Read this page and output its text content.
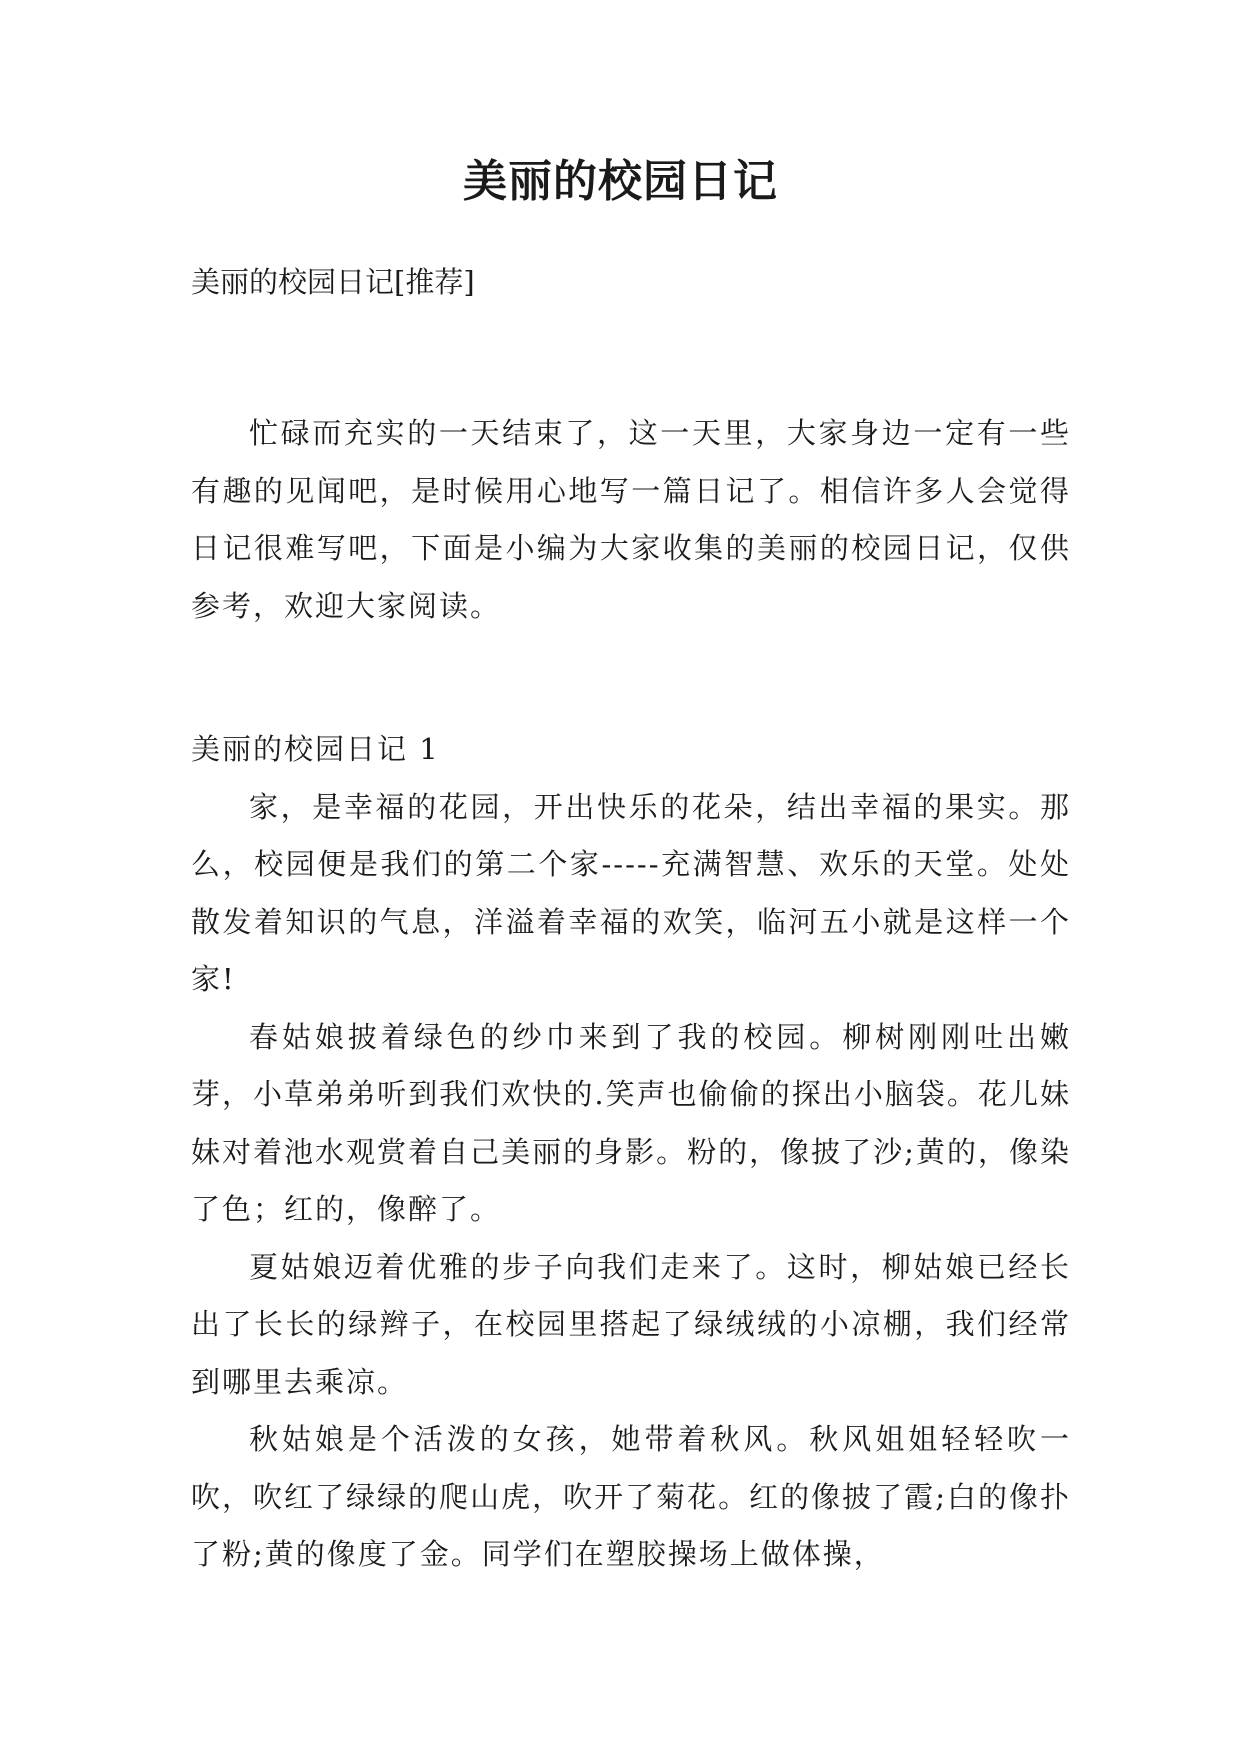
美丽的校园日记
美丽的校园日记[推荐]

忙碌而充实的一天结束了，这一天里，大家身边一定有一些有趣的见闻吧，是时候用心地写一篇日记了。相信许多人会觉得日记很难写吧，下面是小编为大家收集的美丽的校园日记，仅供参考，欢迎大家阅读。

美丽的校园日记 1

家，是幸福的花园，开出快乐的花朵，结出幸福的果实。那么，校园便是我们的第二个家-----充满智慧、欢乐的天堂。处处散发着知识的气息，洋溢着幸福的欢笑，临河五小就是这样一个家!

春姑娘披着绿色的纱巾来到了我的校园。柳树刚刚吐出嫩芽，小草弟弟听到我们欢快的.笑声也偷偷的探出小脑袋。花儿妹妹对着池水观赏着自己美丽的身影。粉的，像披了沙;黄的，像染了色；红的，像醉了。

夏姑娘迈着优雅的步子向我们走来了。这时，柳姑娘已经长出了长长的绿辫子，在校园里搭起了绿绒绒的小凉棚，我们经常到哪里去乘凉。

秋姑娘是个活泼的女孩，她带着秋风。秋风姐姐轻轻吹一吹，吹红了绿绿的爬山虎，吹开了菊花。红的像披了霞;白的像扑了粉;黄的像度了金。同学们在塑胶操场上做体操，
